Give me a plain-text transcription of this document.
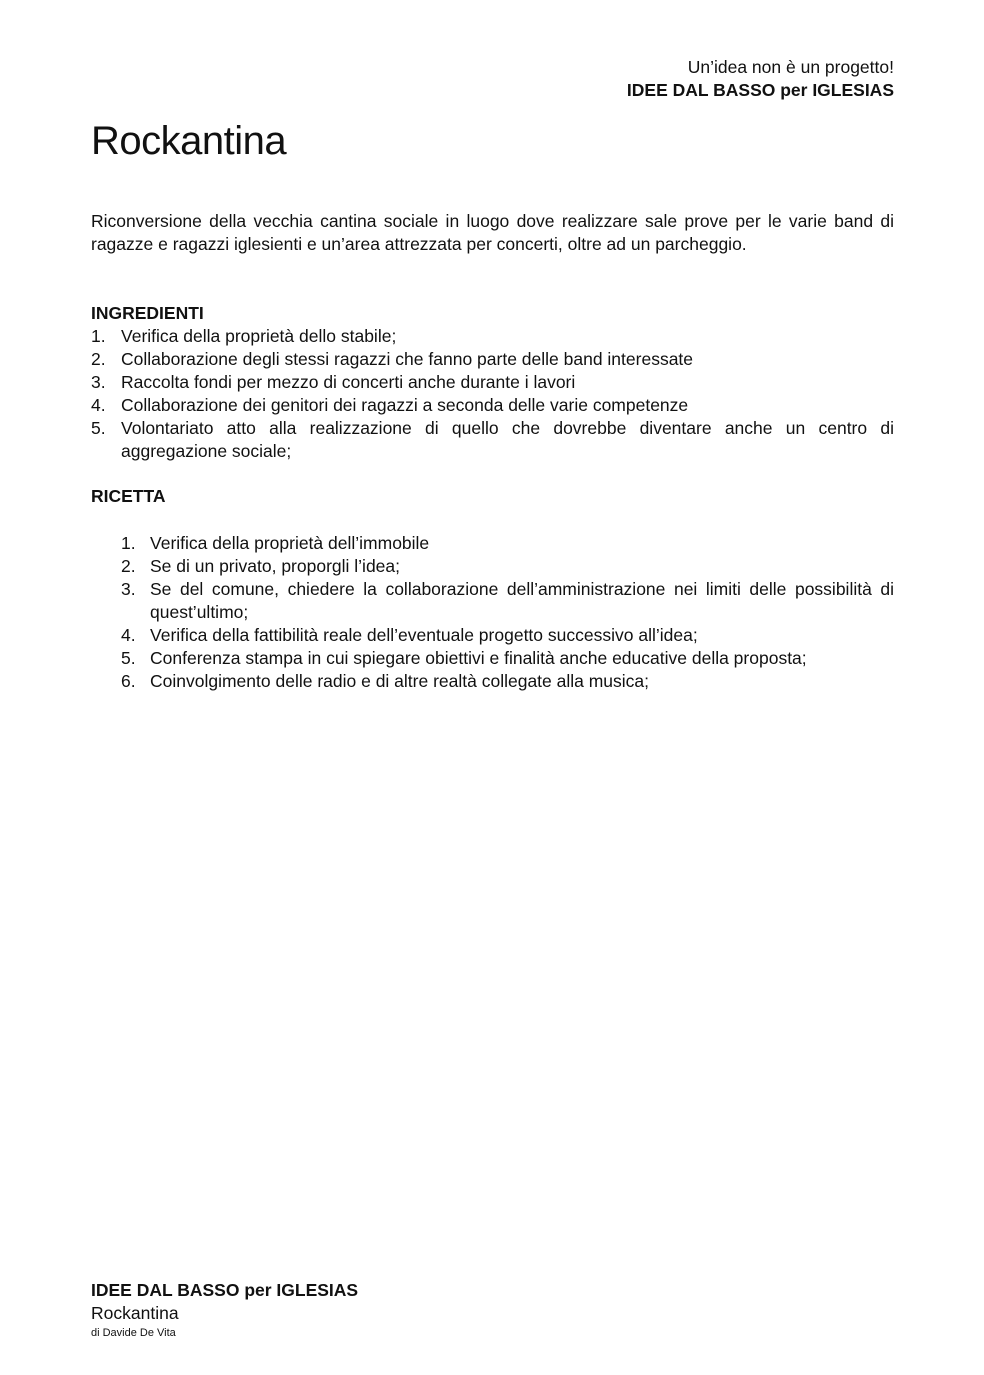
Un’idea non è un progetto!
IDEE DAL BASSO per IGLESIAS
Rockantina

Riconversione della vecchia cantina sociale in luogo dove realizzare sale prove per le varie band di ragazze e ragazzi iglesienti e un’area attrezzata per concerti, oltre ad un parcheggio.

INGREDIENTI
1. Verifica della proprietà dello stabile;
2. Collaborazione degli stessi ragazzi che fanno parte delle band interessate
3. Raccolta fondi per mezzo di concerti anche durante i lavori
4. Collaborazione dei genitori dei ragazzi a seconda delle varie competenze
5. Volontariato atto alla realizzazione di quello che dovrebbe diventare anche un centro di aggregazione sociale;
RICETTA
1. Verifica della proprietà dell’immobile
2. Se di un privato, proporgli l’idea;
3. Se del comune, chiedere la collaborazione dell’amministrazione nei limiti delle possibilità di quest’ultimo;
4. Verifica della fattibilità reale dell’eventuale progetto successivo all’idea;
5. Conferenza stampa in cui spiegare obiettivi e finalità anche educative della proposta;
6. Coinvolgimento delle radio e di altre realtà collegate alla musica;
IDEE DAL BASSO per IGLESIAS
Rockantina
di Davide De Vita
